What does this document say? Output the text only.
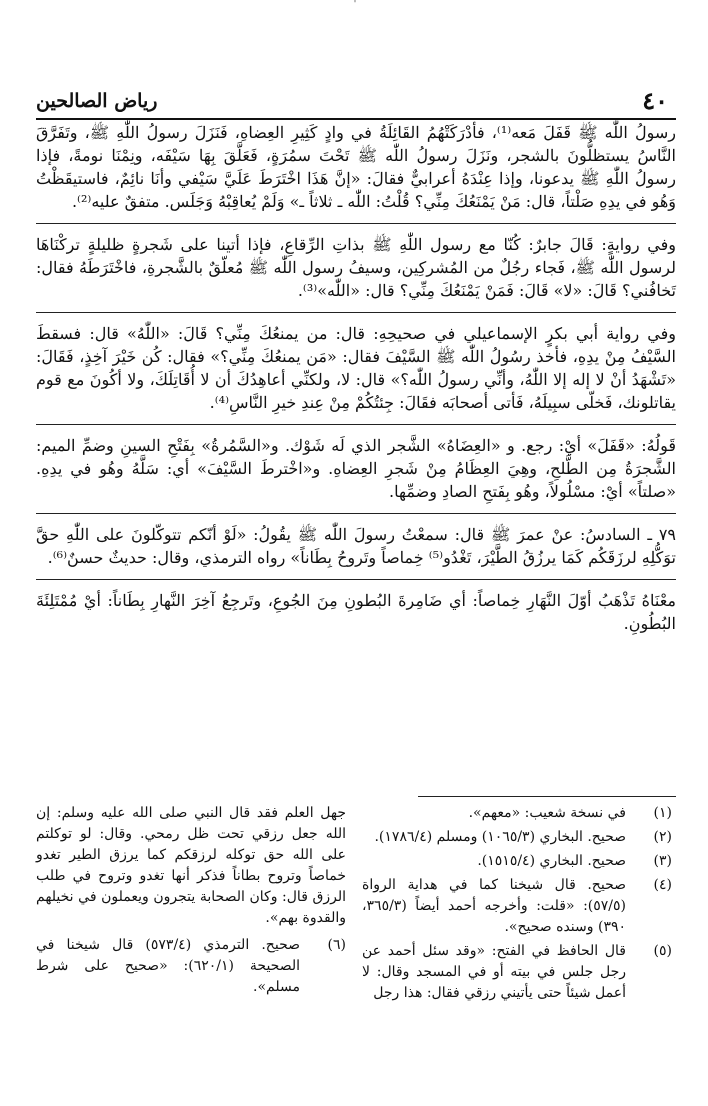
'
٤٠
رياض الصالحين

رسولُ اللّٰه ﷺ قَفَلَ مَعه⁽¹⁾، فأدْرَكَتْهُمُ القَائِلَةُ في وادٍ كَثِيرِ العِضاهِ، فَنَزَلَ رسولُ اللّٰهِ ﷺ، وتَفَرَّقَ النَّاسُ يستظلُّونَ بالشجر، ونَزَلَ رسولُ اللّٰه ﷺ تَحْتَ سمُرَةٍ، فَعَلَّقَ بِهَا سَيْفَه، ونِمْنَا نومةً، فإذا رسولُ اللّٰهِ ﷺ يدعونا، وإذا عِنْدَهُ أعرابيٌّ فقالَ: «إنَّ هَذَا اخْتَرَطَ عَلَيَّ سَيْفي وأنَا نائِمٌ، فاستيقَظْتُ وَهُو في يدِهِ صَلْتاً، قال: مَنْ يَمْنَعُكَ مِنِّي؟ قُلْتُ: اللّٰه ـ ثلاثاً ـ» وَلَمْ يُعاقِبْهُ وَجَلَس. متفقٌ عليه⁽²⁾.

وفي روايةٍ: قَالَ جابرٌ: كُنّا مع رسول اللّٰهِ ﷺ بذاتِ الرِّقاعِ، فإذا أتينا على شَجرةٍ ظليلةٍ تركْنَاهَا لرسول اللّٰه ﷺ، فَجاء رجُلٌ من المُشركِين، وسيفُ رسول اللّٰه ﷺ مُعلّقٌ بالشَّجرةِ، فاخْتَرَطَهُ فقال: تَخافُني؟ قَالَ: «لا» قَالَ: فَمَنْ يَمْنَعُكَ مِنِّي؟ قال: «اللّٰه»⁽³⁾.

وفي رواية أبي بكرٍ الإسماعيلي في صحيحِهِ: قال: من يمنعُكَ مِنِّي؟ قَالَ: «اللّٰهُ» قال: فسقطَ السَّيْفُ مِنْ يدِهِ، فأخذ رسُولُ اللّٰه ﷺ السَّيْفَ فقال: «مَن يمنعُكَ مِنِّي؟» فقال: كُن خَيْرَ آخِذٍ، فَقَالَ: «تَشْهَدُ أنْ لا إله إلا اللّٰهُ، وأنِّي رسولُ اللّٰه؟» قال: لا، ولكنِّي أعاهِدُكَ أن لا أُقَاتِلَكَ، ولا أكُونَ مع قوم يقاتلونك، فَخلّى سبِيلَهُ، فَأتى أصحابَه فقَالَ: جِئتُكُمْ مِنْ عِندِ خيرِ النَّاسِ⁽⁴⁾.

قَولُهُ: «قَفَلَ» أيْ: رجع. و «العِضَاهُ» الشَّجر الذي لَه شَوْك. و«السَّمُرةُ» بِفَتْحِ السينِ وضمِّ الميم: الشَّجرَةُ مِن الطَّلحِ، وهِيَ العِظَامُ مِنْ شَجرِ العِضاهِ. و«اخْترطَ السَّيْفَ» أي: سَلَّهُ وهُو في يدِهِ. «صلتاً» أيْ: مسْلُولاً، وهُو بِفَتحِ الصادِ وضمِّها.

٧٩ ـ السادسُ: عنْ عمرَ ﷺ قال: سمعْتُ رسولَ اللّٰه ﷺ يقُولُ: «لَوْ أنّكم تتوكّلونَ على اللّٰهِ حقَّ توَكُّلِهِ لرزَقَكُم كَمَا يرزُقُ الطَّيْرَ، تَغْدُو⁽⁵⁾ خِماصاً وتَروحُ بِطَاناً» رواه الترمذي، وقال: حديثٌ حسنٌ⁽⁶⁾.

معْنَاهُ تَذْهَبُ أوّلَ النَّهَارِ خِماصاً: أي ضَامِرةَ البُطونِ مِنَ الجُوعِ، وتَرجِعُ آخِرَ النَّهارِ بِطَاناً: أيْ مُمْتَلِئَةَ البُطُونِ.

(١)
في نسخة شعيب: «معهم».
(٢)
صحيح. البخاري (١٠٦٥/٣) ومسلم (١٧٨٦/٤).
(٣)
صحيح. البخاري (١٥١٥/٤).
(٤)
صحيح. قال شيخنا كما في هداية الرواة (٥٧/٥): «قلت: وأخرجه أحمد أيضاً (٣٦٥/٣، ٣٩٠) وسنده صحيح».
(٥)
قال الحافظ في الفتح: «وقد سئل أحمد عن رجل جلس في بيته أو في المسجد وقال: لا أعمل شيئاً حتى يأتيني رزقي فقال: هذا رجل
جهل العلم فقد قال النبي صلى الله عليه وسلم: إن الله جعل رزقي تحت ظل رمحي. وقال: لو توكلتم على الله حق توكله لرزقكم كما يرزق الطير تغدو خماصاً وتروح بطاناً فذكر أنها تغدو وتروح في طلب الرزق قال: وكان الصحابة يتجرون ويعملون في نخيلهم والقدوة بهم».
(٦)
صحيح. الترمذي (٥٧٣/٤) قال شيخنا في الصحيحة (٦٢٠/١): «صحيح على شرط مسلم».
